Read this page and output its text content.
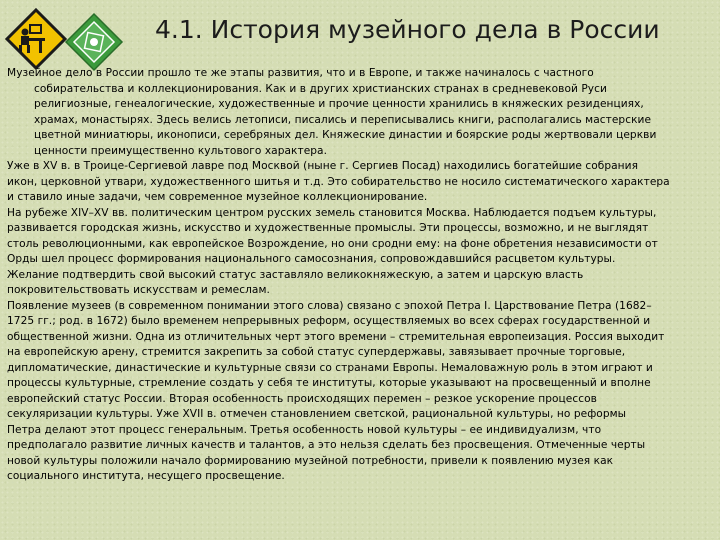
4.1. История музейного дела в России
Музейное дело в России прошло те же этапы развития, что и в Европе, и также начиналось с частного
собирательства и коллекционирования. Как и в других христианских странах в средневековой Руси
религиозные, генеалогические, художественные и прочие ценности хранились в княжеских резиденциях,
храмах, монастырях. Здесь велись летописи, писались и переписывались книги, располагались мастерские
цветной миниатюры, иконописи, серебряных дел. Княжеские династии и боярские роды жертвовали церкви
ценности преимущественно культового характера.
Уже в XV в. в Троице-Сергиевой лавре под Москвой (ныне г. Сергиев Посад) находились богатейшие собрания
икон, церковной утвари, художественного шитья и т.д. Это собирательство не носило систематического характера
и ставило иные задачи, чем современное музейное коллекционирование.
На рубеже XIV–XV вв. политическим центром русских земель становится Москва. Наблюдается подъем культуры,
развивается городская жизнь, искусство и художественные промыслы. Эти процессы, возможно, и не выглядят
столь революционными, как европейское Возрождение, но они сродни ему: на фоне обретения независимости от
Орды шел процесс формирования национального самосознания, сопровождавшийся расцветом культуры.
Желание подтвердить свой высокий статус заставляло великокняжескую, а затем и царскую власть
покровительствовать искусствам и ремеслам.
Появление музеев (в современном понимании этого слова) связано с эпохой Петра I. Царствование Петра (1682–
1725 гг.; род. в 1672) было временем непрерывных реформ, осуществляемых во всех сферах государственной и
общественной жизни. Одна из отличительных черт этого времени – стремительная европеизация. Россия выходит
на европейскую арену, стремится закрепить за собой статус супердержавы, завязывает прочные торговые,
дипломатические, династические и культурные связи со странами Европы. Немаловажную роль в этом играют и
процессы культурные, стремление создать у себя те институты, которые указывают на просвещенный и вполне
европейский статус России. Вторая особенность происходящих перемен – резкое ускорение процессов
секуляризации культуры. Уже XVII в. отмечен становлением светской, рациональной культуры, но реформы
Петра делают этот процесс генеральным. Третья особенность новой культуры – ее индивидуализм, что
предполагало развитие личных качеств и талантов, а это нельзя сделать без просвещения. Отмеченные черты
новой культуры положили начало формированию музейной потребности, привели к появлению музея как
социального института, несущего просвещение.
